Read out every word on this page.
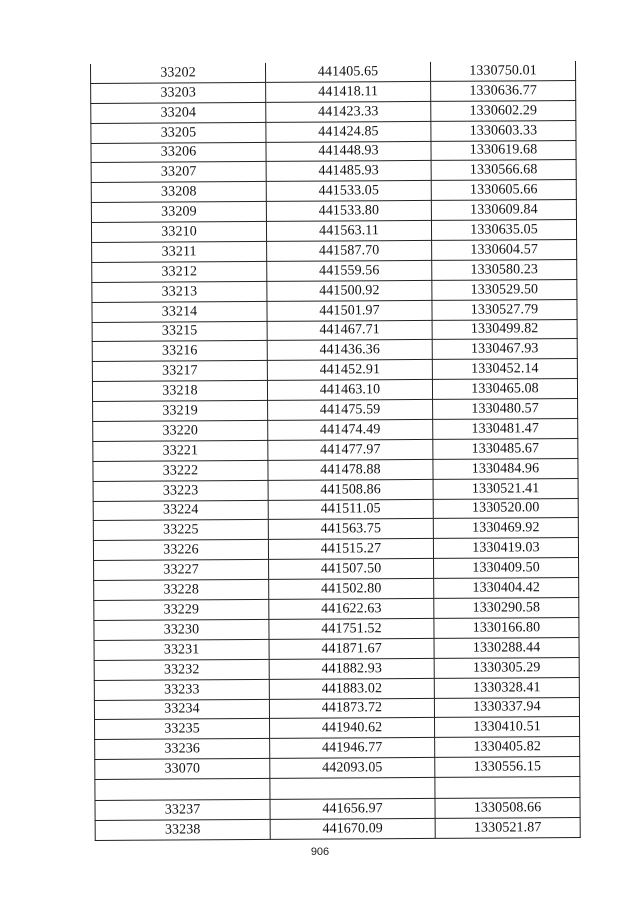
33202	441405.65	1330750.01
33203	441418.11	1330636.77
33204	441423.33	1330602.29
33205	441424.85	1330603.33
33206	441448.93	1330619.68
33207	441485.93	1330566.68
33208	441533.05	1330605.66
33209	441533.80	1330609.84
33210	441563.11	1330635.05
33211	441587.70	1330604.57
33212	441559.56	1330580.23
33213	441500.92	1330529.50
33214	441501.97	1330527.79
33215	441467.71	1330499.82
33216	441436.36	1330467.93
33217	441452.91	1330452.14
33218	441463.10	1330465.08
33219	441475.59	1330480.57
33220	441474.49	1330481.47
33221	441477.97	1330485.67
33222	441478.88	1330484.96
33223	441508.86	1330521.41
33224	441511.05	1330520.00
33225	441563.75	1330469.92
33226	441515.27	1330419.03
33227	441507.50	1330409.50
33228	441502.80	1330404.42
33229	441622.63	1330290.58
33230	441751.52	1330166.80
33231	441871.67	1330288.44
33232	441882.93	1330305.29
33233	441883.02	1330328.41
33234	441873.72	1330337.94
33235	441940.62	1330410.51
33236	441946.77	1330405.82
33070	442093.05	1330556.15

33237	441656.97	1330508.66
33238	441670.09	1330521.87
906
